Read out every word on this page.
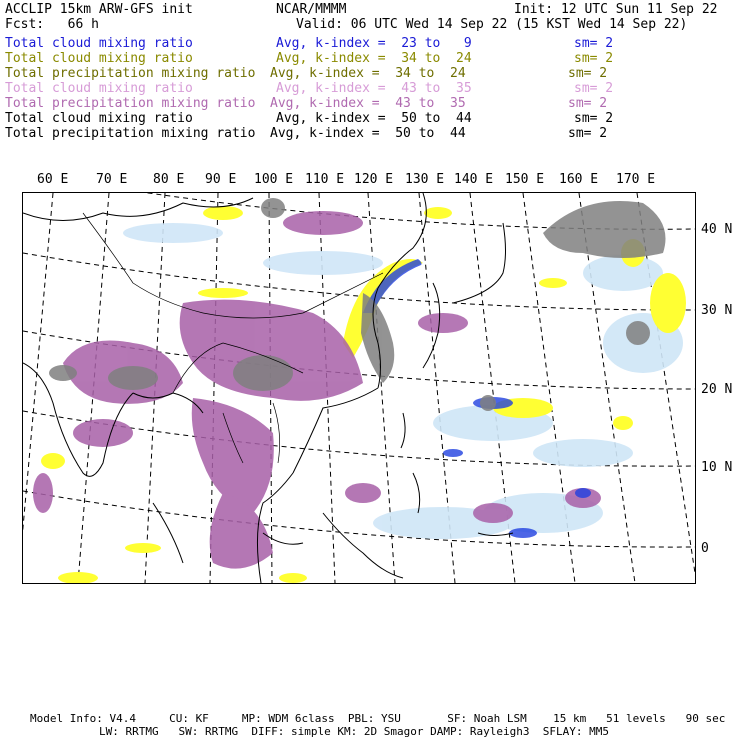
ACCLIP 15km ARW-GFS init	NCAR/MMMM	Init: 12 UTC Sun 11 Sep 22
Fcst:   66 h	Valid: 06 UTC Wed 14 Sep 22 (15 KST Wed 14 Sep 22)
Total cloud mixing ratio	Avg, k-index =  23 to   9	sm= 2
Total cloud mixing ratio	Avg, k-index =  34 to  24	sm= 2
Total precipitation mixing ratio Avg, k-index =  34 to  24	sm= 2
Total cloud mixing ratio	Avg, k-index =  43 to  35	sm= 2
Total precipitation mixing ratio Avg, k-index =  43 to  35	sm= 2
Total cloud mixing ratio	Avg, k-index =  50 to  44	sm= 2
Total precipitation mixing ratio Avg, k-index =  50 to  44	sm= 2
60 E 70 E 80 E 90 E 100 E 110 E 120 E 130 E 140 E 150 E 160 E 170 E
40 N
30 N
20 N
10 N
0
Model Info: V4.4     CU: KF     MP: WDM 6class  PBL: YSU       SF: Noah LSM    15 km   51 levels   90 sec
LW: RRTMG   SW: RRTMG  DIFF: simple KM: 2D Smagor DAMP: Rayleigh3  SFLAY: MM5
